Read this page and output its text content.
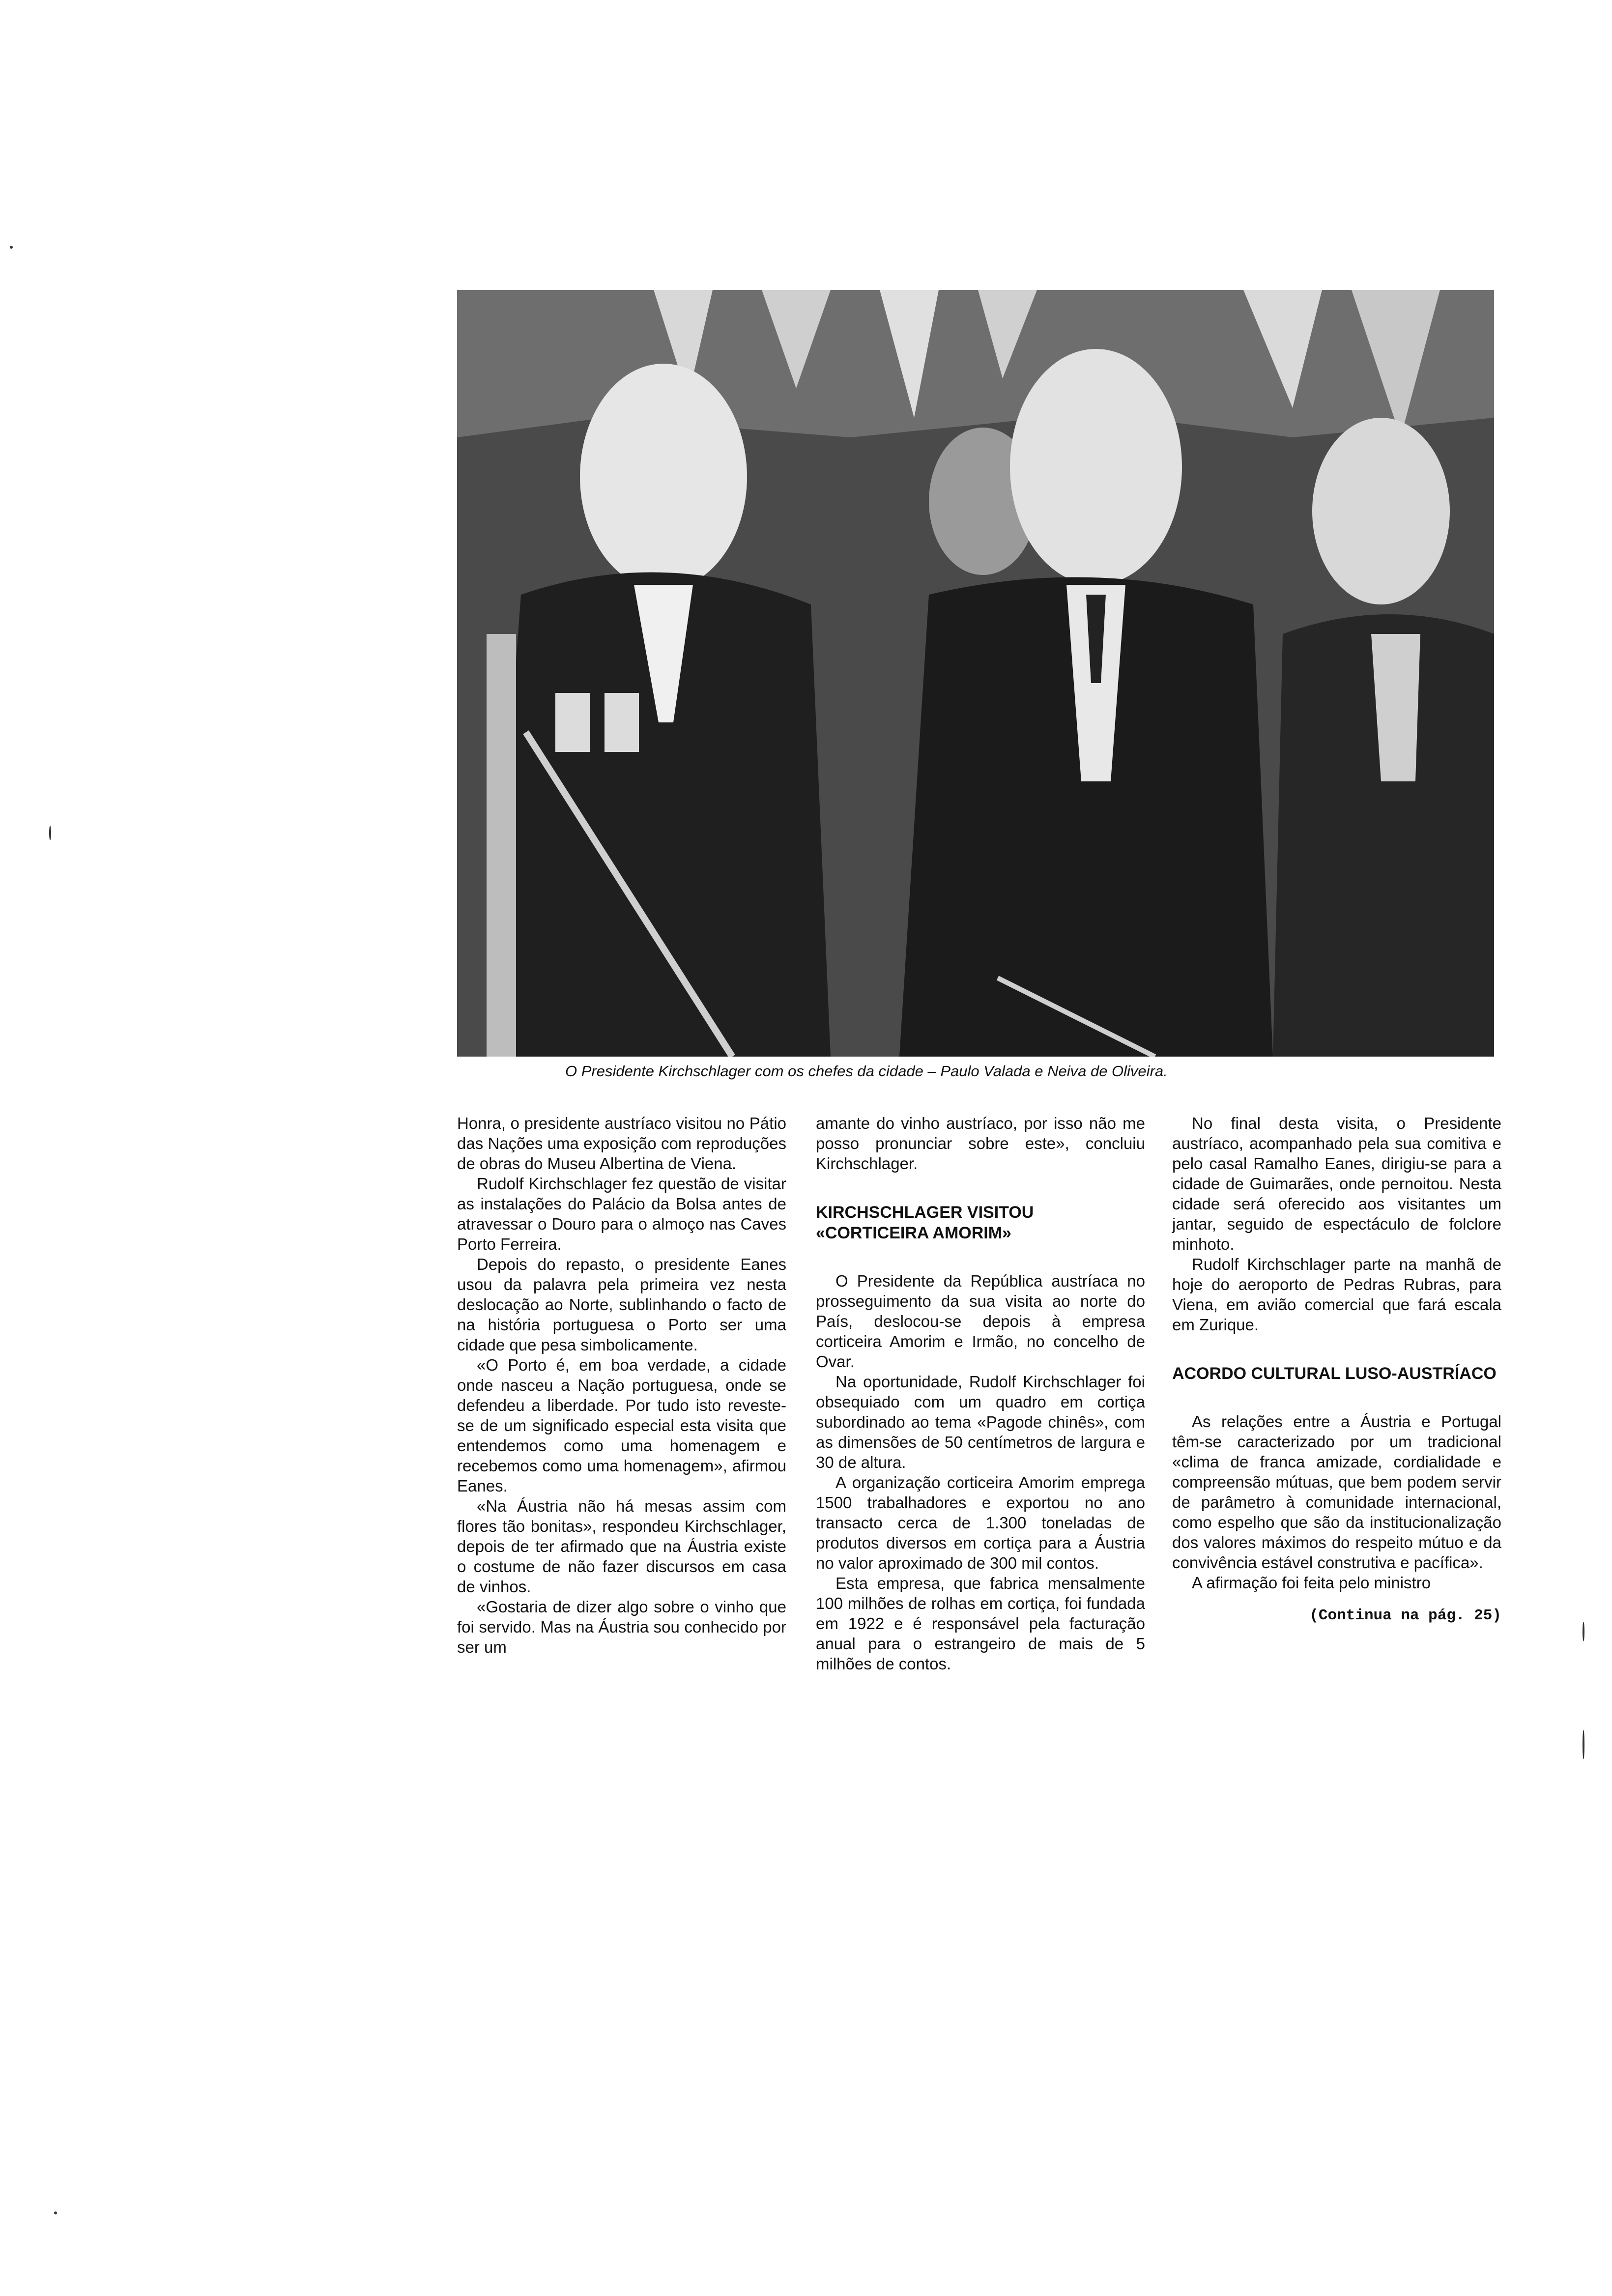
O Presidente Kirchschlager com os chefes da cidade – Paulo Valada e Neiva de Oliveira.

Honra, o presidente austríaco visitou no Pátio das Nações uma exposição com reproduções de obras do Museu Albertina de Viena.

Rudolf Kirchschlager fez questão de visitar as instalações do Palácio da Bolsa antes de atravessar o Douro para o almoço nas Caves Porto Ferreira.

Depois do repasto, o presidente Eanes usou da palavra pela primeira vez nesta deslocação ao Norte, sublinhando o facto de na história portuguesa o Porto ser uma cidade que pesa simbolicamente.

«O Porto é, em boa verdade, a cidade onde nasceu a Nação portuguesa, onde se defendeu a liberdade. Por tudo isto reveste-se de um significado especial esta visita que entendemos como uma homenagem e recebemos como uma homenagem», afirmou Eanes.

«Na Áustria não há mesas assim com flores tão bonitas», respondeu Kirchschlager, depois de ter afirmado que na Áustria existe o costume de não fazer discursos em casa de vinhos.

«Gostaria de dizer algo sobre o vinho que foi servido. Mas na Áustria sou conhecido por ser um

amante do vinho austríaco, por isso não me posso pronunciar sobre este», concluiu Kirchschlager.

KIRCHSCHLAGER VISITOU «CORTICEIRA AMORIM»

O Presidente da República austríaca no prosseguimento da sua visita ao norte do País, deslocou-se depois à empresa corticeira Amorim e Irmão, no concelho de Ovar.

Na oportunidade, Rudolf Kirchschlager foi obsequiado com um quadro em cortiça subordinado ao tema «Pagode chinês», com as dimensões de 50 centímetros de largura e 30 de altura.

A organização corticeira Amorim emprega 1500 trabalhadores e exportou no ano transacto cerca de 1.300 toneladas de produtos diversos em cortiça para a Áustria no valor aproximado de 300 mil contos.

Esta empresa, que fabrica mensalmente 100 milhões de rolhas em cortiça, foi fundada em 1922 e é responsável pela facturação anual para o estrangeiro de mais de 5 milhões de contos.

No final desta visita, o Presidente austríaco, acompanhado pela sua comitiva e pelo casal Ramalho Eanes, dirigiu-se para a cidade de Guimarães, onde pernoitou. Nesta cidade será oferecido aos visitantes um jantar, seguido de espectáculo de folclore minhoto.

Rudolf Kirchschlager parte na manhã de hoje do aeroporto de Pedras Rubras, para Viena, em avião comercial que fará escala em Zurique.

ACORDO CULTURAL LUSO-AUSTRÍACO

As relações entre a Áustria e Portugal têm-se caracterizado por um tradicional «clima de franca amizade, cordialidade e compreensão mútuas, que bem podem servir de parâmetro à comunidade internacional, como espelho que são da institucionalização dos valores máximos do respeito mútuo e da convivência estável construtiva e pacífica».

A afirmação foi feita pelo ministro

(Continua na pág. 25)
